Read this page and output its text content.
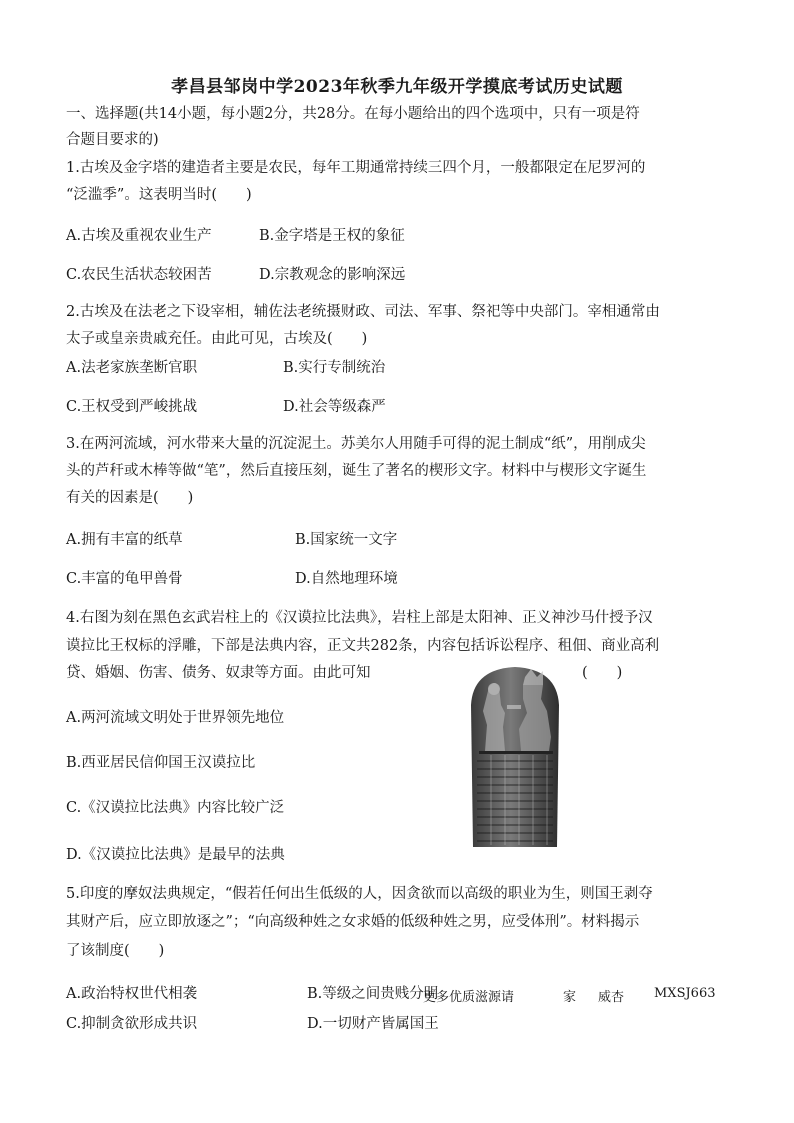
孝昌县邹岗中学2023年秋季九年级开学摸底考试历史试题
一、选择题(共14小题，每小题2分，共28分。在每小题给出的四个选项中，只有一项是符
合题目要求的)
1.古埃及金字塔的建造者主要是农民，每年工期通常持续三四个月，一般都限定在尼罗河的
“泛滥季”。这表明当时(　　)
A.古埃及重视农业生产	B.金字塔是王权的象征
C.农民生活状态较困苦	D.宗教观念的影响深远
2.古埃及在法老之下设宰相，辅佐法老统摄财政、司法、军事、祭祀等中央部门。宰相通常由
太子或皇亲贵戚充任。由此可见，古埃及(　　)
A.法老家族垄断官职	B.实行专制统治
C.王权受到严峻挑战	D.社会等级森严
3.在两河流域，河水带来大量的沉淀泥土。苏美尔人用随手可得的泥土制成“纸”，用削成尖
头的芦秆或木棒等做“笔”，然后直接压刻，诞生了著名的楔形文字。材料中与楔形文字诞生
有关的因素是(　　)
A.拥有丰富的纸草	B.国家统一文字
C.丰富的龟甲兽骨	D.自然地理环境
4.右图为刻在黑色玄武岩柱上的《汉谟拉比法典》，岩柱上部是太阳神、正义神沙马什授予汉
谟拉比王权标的浮雕，下部是法典内容，正文共282条，内容包括诉讼程序、租佃、商业高利
贷、婚姻、伤害、债务、奴隶等方面。由此可知	(　　)
A.两河流域文明处于世界领先地位
B.西亚居民信仰国王汉谟拉比
C.《汉谟拉比法典》内容比较广泛
D.《汉谟拉比法典》是最早的法典
5.印度的摩奴法典规定，“假若任何出生低级的人，因贪欲而以高级的职业为生，则国王剥夺
其财产后，应立即放逐之”；“向高级种姓之女求婚的低级种姓之男，应受体刑”。材料揭示
了该制度(　　)
A.政治特权世代相袭	B.等级之间贵贱分明
更多优质滋源请	家 威杏 MXSJ663
C.抑制贪欲形成共识	D.一切财产皆属国王
